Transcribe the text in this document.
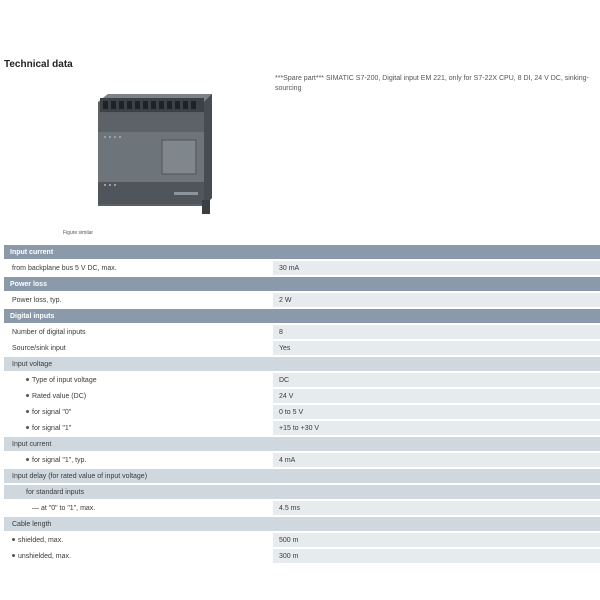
Technical data
***Spare part*** SIMATIC S7-200, Digital input EM 221, only for S7-22X CPU, 8 DI, 24 V DC, sinking-sourcing
Figure similar
Input current	
from backplane bus 5 V DC, max.	30 mA
Power loss	
Power loss, typ.	2 W
Digital inputs	
Number of digital inputs	8
Source/sink input	Yes
Input voltage	
Type of input voltage	DC
Rated value (DC)	24 V
for signal "0"	0 to 5 V
for signal "1"	+15 to +30 V
Input current	
for signal "1", typ.	4 mA
Input delay (for rated value of input voltage)	
for standard inputs	
— at "0" to "1", max.	4.5 ms
Cable length	
shielded, max.	500 m
unshielded, max.	300 m
